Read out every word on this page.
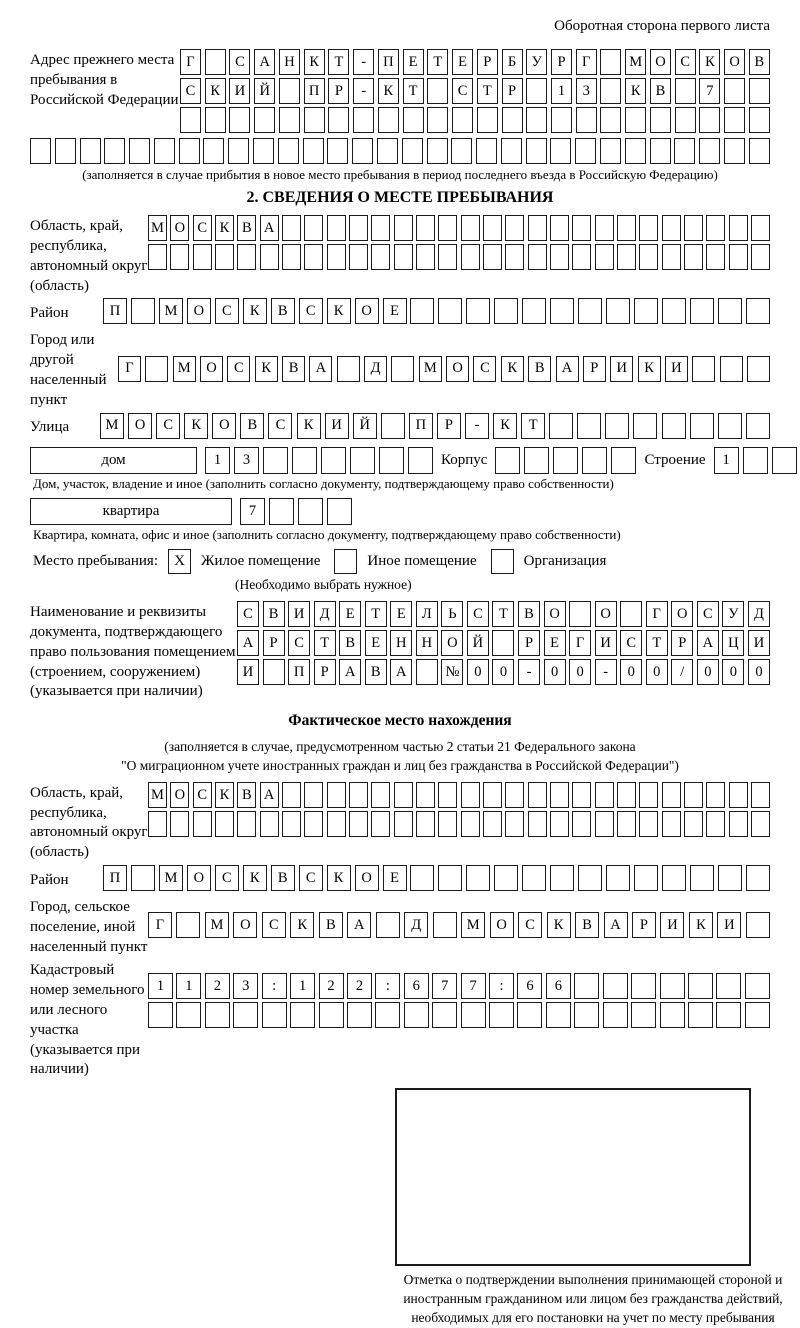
Оборотная сторона первого листа
Адрес прежнего места пребывания в Российской Федерации
Г	С	А Н	К	Т	-	П	Е	Т	Е	Р	Б	У	Р	Г	М О	С	К	О	В
С	К	И Й	П	Р	-	К	Т	С	Т	Р	1	3	К	В	7
(заполняется в случае прибытия в новое место пребывания в период последнего въезда в Российскую Федерацию)
2. СВЕДЕНИЯ О МЕСТЕ ПРЕБЫВАНИЯ
Область, край, республика, автономный округ (область)
М О С К В А
Район	П	М	О	С	К	В	С	К	О	Е
Город или другой населенный пункт
Г	М	О	С	К	В	А	Д	М	О	С	К	В	А	Р	И	К	И
Улица	М	О	С	К	О	В	С	К	И	Й	П	Р	-	К	Т
дом	1	3	Корпус	Строение	1
Дом, участок, владение и иное (заполнить согласно документу, подтверждающему право собственности)
квартира	7
Квартира, комната, офис и иное (заполнить согласно документу, подтверждающему право собственности)
Место пребывания:	X	Жилое помещение	Иное помещение	Организация
(Необходимо выбрать нужное)
Наименование и реквизиты документа, подтверждающего право пользования помещением (строением, сооружением) (указывается при наличии)
С	В	И	Д	Е	Т	Е	Л	Ь	С	Т	В	О	О	Г	О	С	У	Д
А	Р	С	Т	В	Е	Н	Н	О	Й	Р	Е	Г	И	С	Т	Р	А	Ц	И
И	П	Р	А	В	А	№	0	0	-	0	0	-	0	0	/	0	0	0
Фактическое место нахождения
(заполняется в случае, предусмотренном частью 2 статьи 21 Федерального закона
"О миграционном учете иностранных граждан и лиц без гражданства в Российской Федерации")
Область, край, республика, автономный округ (область)
М О С К В А
Район	П	М	О	С	К	В	С	К	О	Е
Город, сельское поселение, иной населенный пункт
Г	М	О	С	К	В	А	Д	М	О	С	К	В	А	Р	И	К	И
Кадастровый номер земельного или лесного участка (указывается при наличии)
1	1	2	3	:	1	2	2	:	6	7	7	:	6	6
Отметка о подтверждении выполнения принимающей стороной и иностранным гражданином или лицом без гражданства действий, необходимых для его постановки на учет по месту пребывания
